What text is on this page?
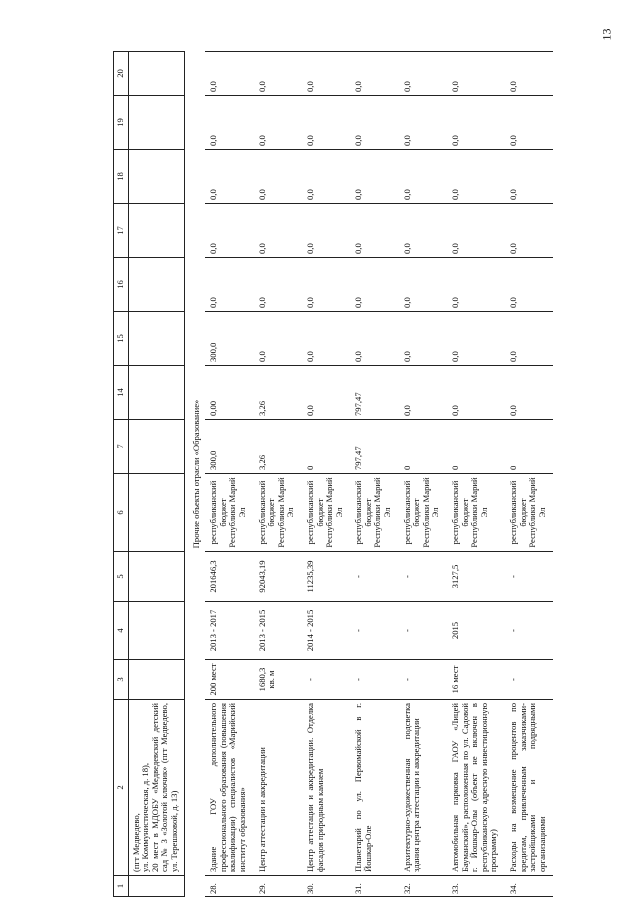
13
1	2	3	4	5	6	7	14	15	16	17	18	19	20
	(пгт Медведево,
ул. Коммунистическая, д. 18),
20 мест в МДОБУ «Медведевский детский сад № 3 «Золотой ключик» (пгт Медведево, ул. Терешковой, д. 13)												
Прочие объекты отрасли «Образование»													
28.	Здание ГОУ дополнительного профессионального образования (повышения квалификации) специалистов «Марийский институт образования»	200 мест	2013 - 2017	201646,3	республиканский бюджет Республики Марий Эл	300,0	0,00	300,0	0,0	0,0	0,0	0,0	0,0
29.	Центр аттестации и аккредитации	1680,3 кв. м	2013 - 2015	92043,19	республиканский бюджет Республики Марий Эл	3,26	3,26	0,0	0,0	0,0	0,0	0,0	0,0
30.	Центр аттестации и аккредитации. Отделка фасадов природным камнем	-	2014 - 2015	11235,39	республиканский бюджет Республики Марий Эл	0	0,0	0,0	0,0	0,0	0,0	0,0	0,0
31.	Планетарий по ул. Первомайской в г. Йошкар-Оле	-	-	-	республиканский бюджет Республики Марий Эл	797,47	797,47	0,0	0,0	0,0	0,0	0,0	0,0
32.	Архитектурно-художественная подсветка здания центра аттестации и аккредитации	-	-	-	республиканский бюджет Республики Марий Эл	0	0,0	0,0	0,0	0,0	0,0	0,0	0,0
33.	Автомобильная парковка ГАОУ «Лицей Бауманский», расположенная по ул. Садовой г. Йошкар-Олы (объект не включен в республиканскую адресную инвестиционную программу)	16 мест	2015	3127,5	республиканский бюджет Республики Марий Эл	0	0,0	0,0	0,0	0,0	0,0	0,0	0,0
34.	Расходы на возмещение процентов по кредитам, привлеченным заказчиками-застройщиками и подрядными организациями	-	-	-	республиканский бюджет Республики Марий Эл	0	0,0	0,0	0,0	0,0	0,0	0,0	0,0
